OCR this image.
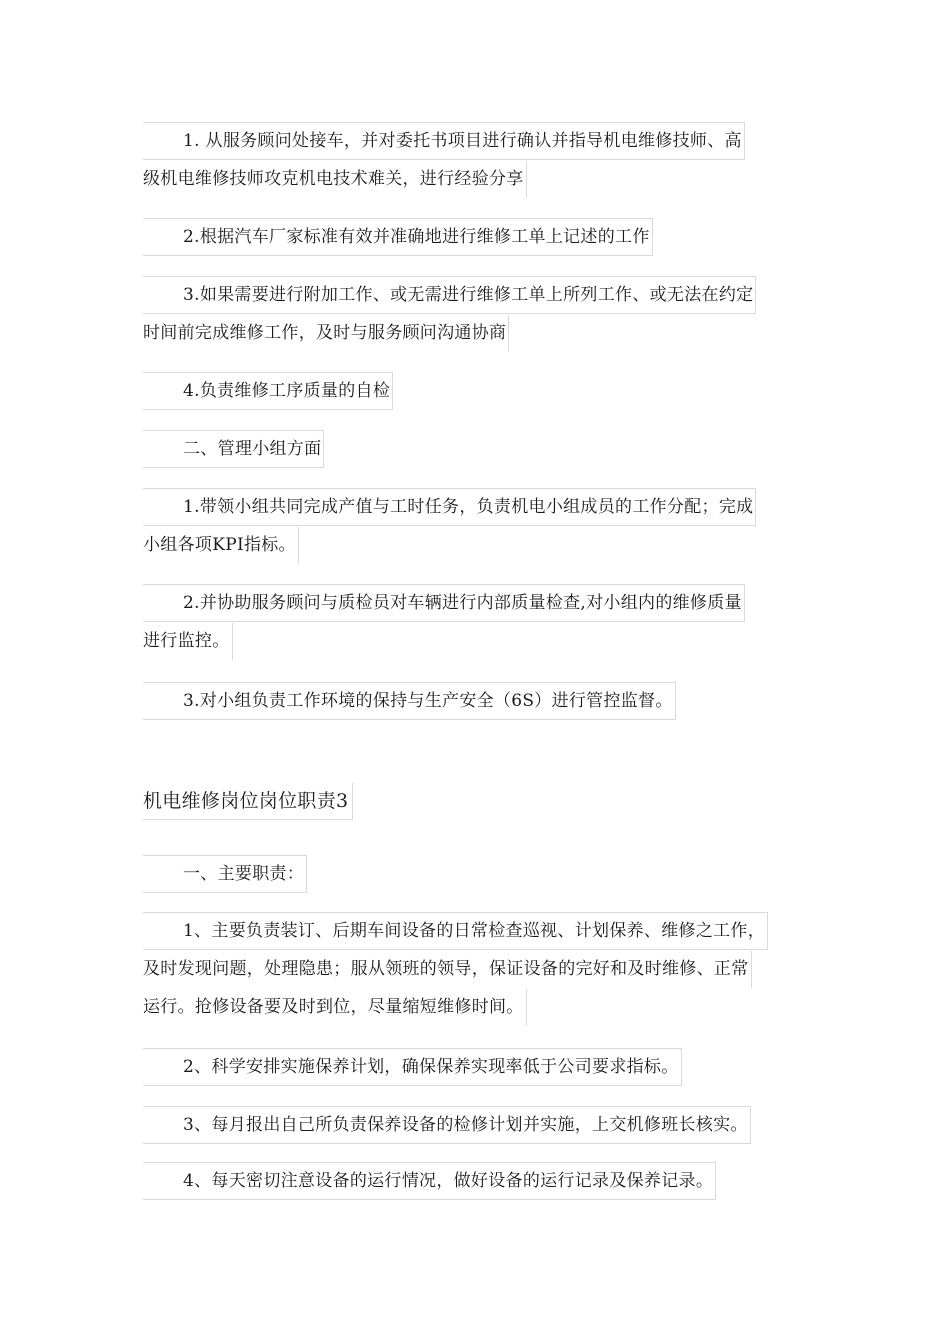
1. 从服务顾问处接车，并对委托书项目进行确认并指导机电维修技师、高
级机电维修技师攻克机电技术难关，进行经验分享
2.根据汽车厂家标准有效并准确地进行维修工单上记述的工作
3.如果需要进行附加工作、或无需进行维修工单上所列工作、或无法在约定
时间前完成维修工作，及时与服务顾问沟通协商
4.负责维修工序质量的自检
二、管理小组方面
1.带领小组共同完成产值与工时任务，负责机电小组成员的工作分配；完成
小组各项KPI指标。
2.并协助服务顾问与质检员对车辆进行内部质量检查,对小组内的维修质量
进行监控。
3.对小组负责工作环境的保持与生产安全（6S）进行管控监督。
机电维修岗位岗位职责3
一、主要职责：
1、主要负责装订、后期车间设备的日常检查巡视、计划保养、维修之工作，
及时发现问题，处理隐患；服从领班的领导，保证设备的完好和及时维修、正常
运行。抢修设备要及时到位，尽量缩短维修时间。
2、科学安排实施保养计划，确保保养实现率低于公司要求指标。
3、每月报出自己所负责保养设备的检修计划并实施，上交机修班长核实。
4、每天密切注意设备的运行情况，做好设备的运行记录及保养记录。
